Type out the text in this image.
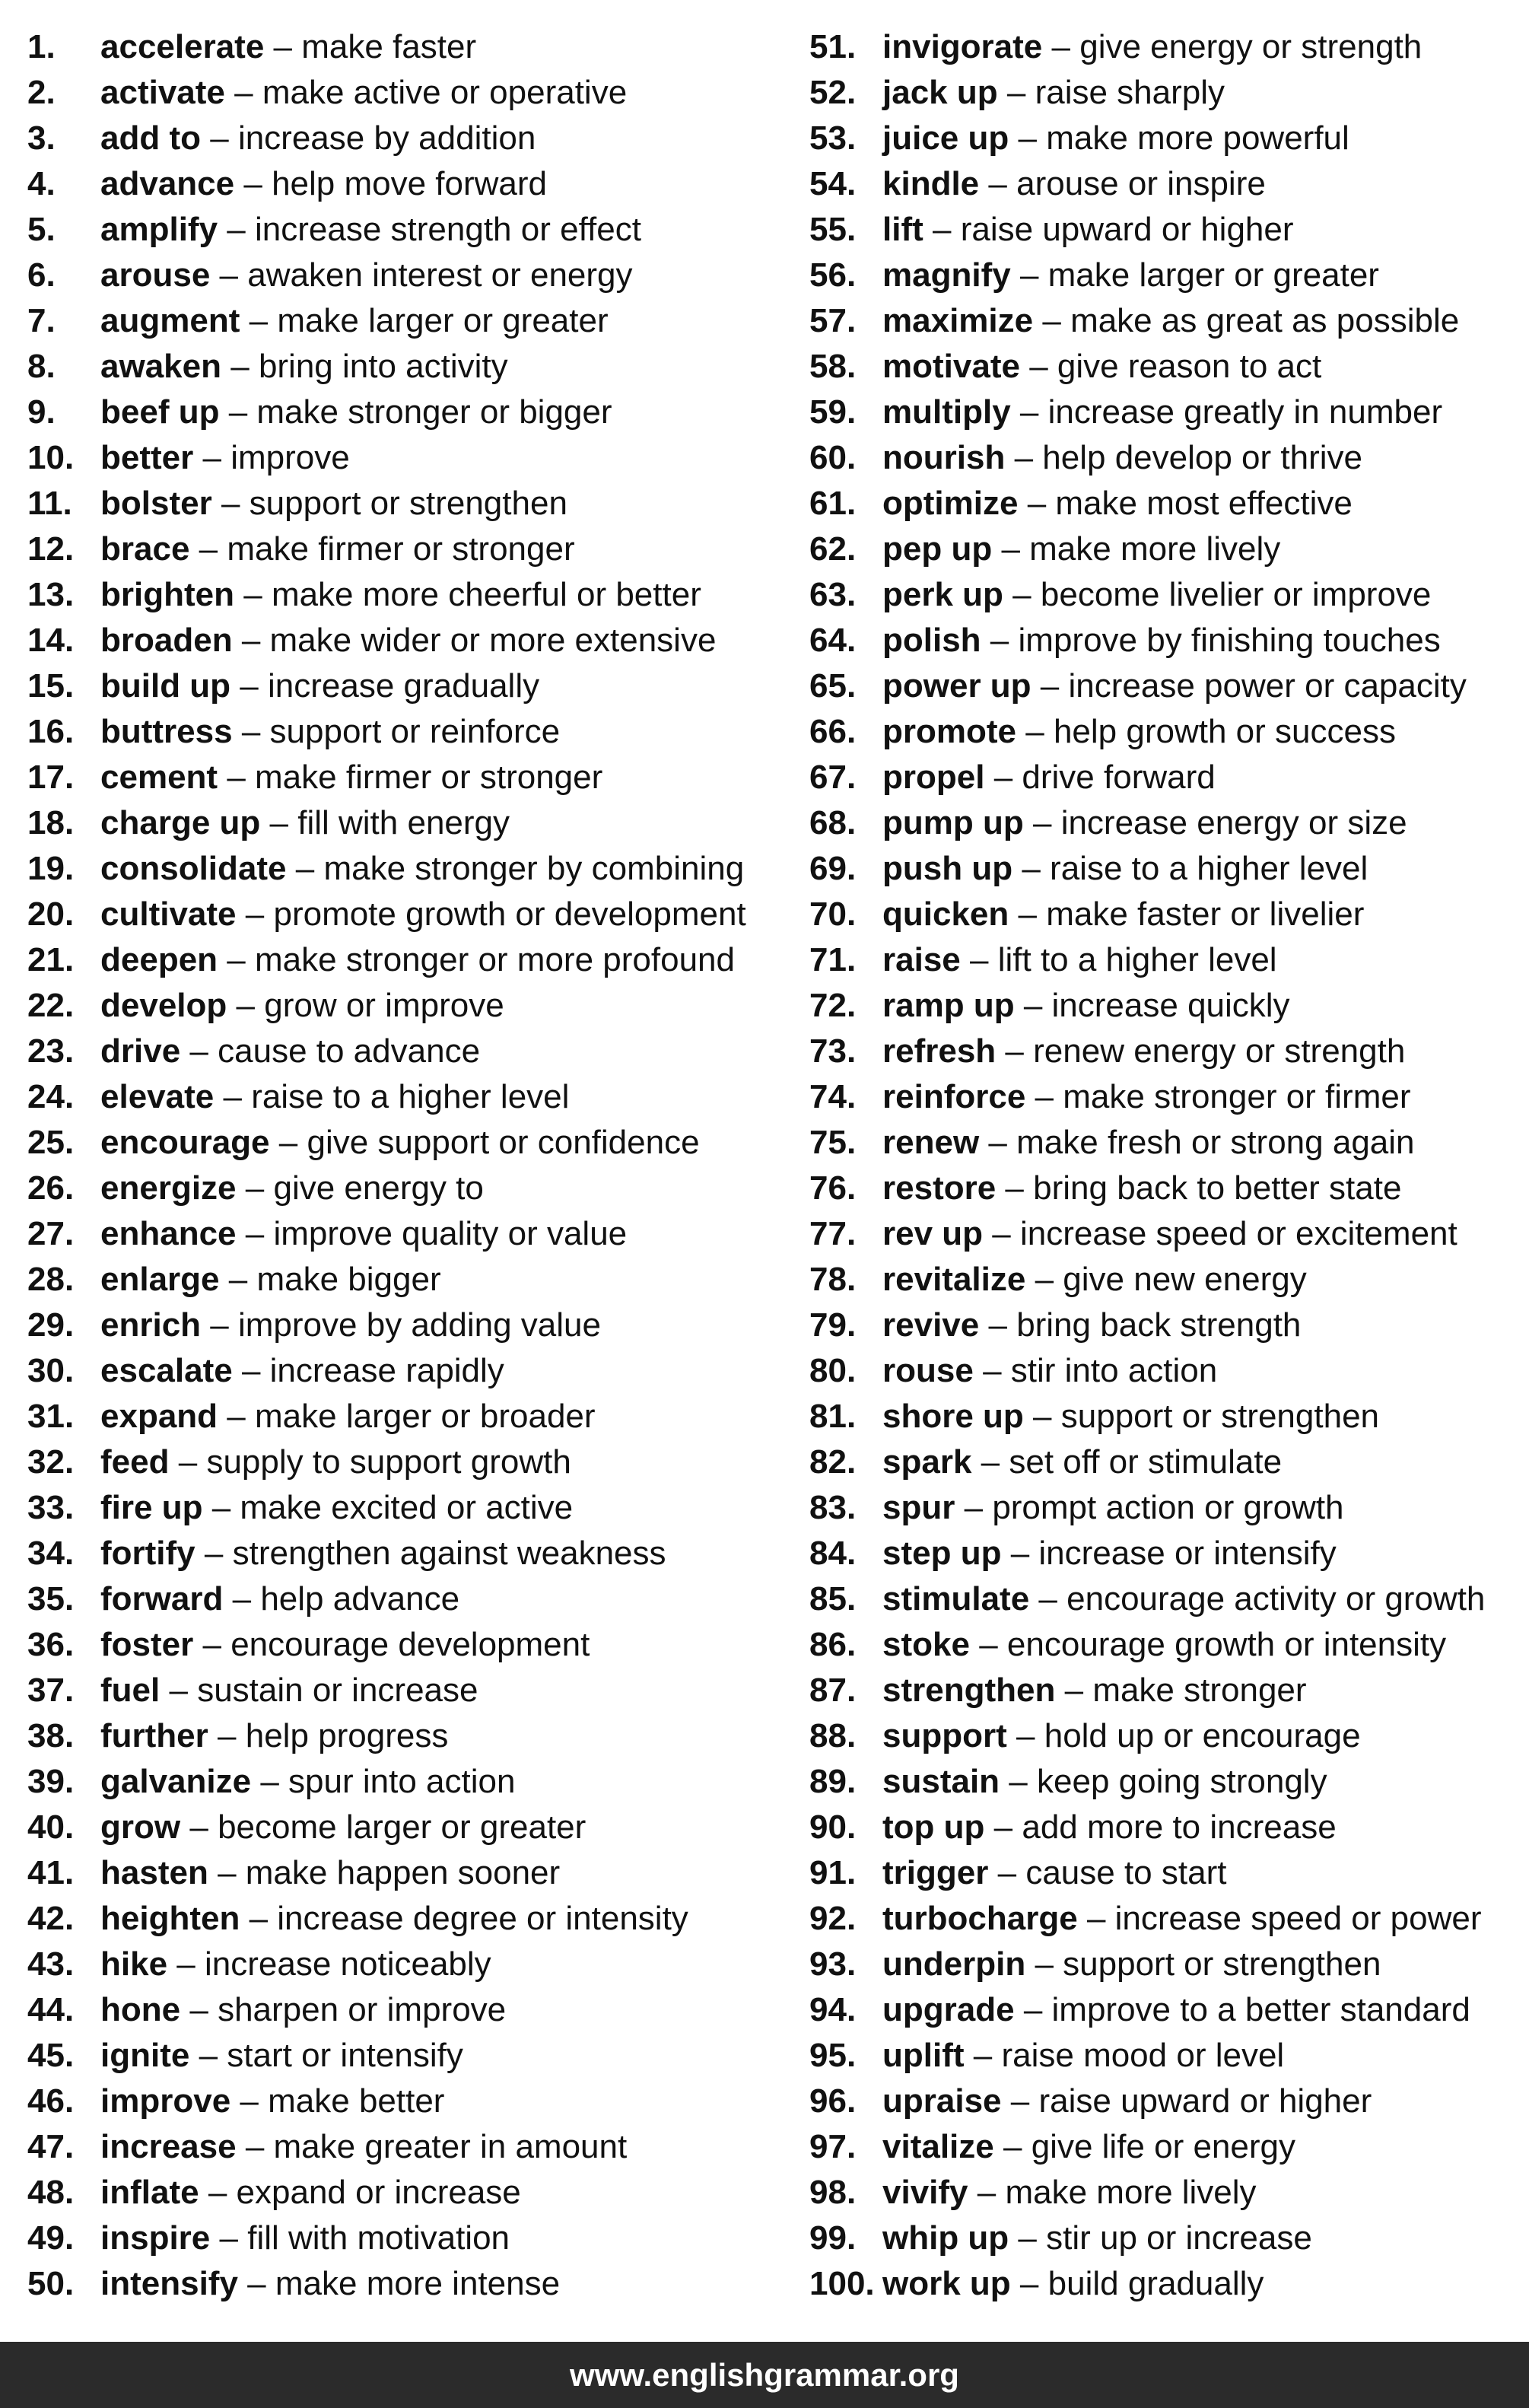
1. accelerate – make faster
2. activate – make active or operative
3. add to – increase by addition
4. advance – help move forward
5. amplify – increase strength or effect
6. arouse – awaken interest or energy
7. augment – make larger or greater
8. awaken – bring into activity
9. beef up – make stronger or bigger
10. better – improve
11. bolster – support or strengthen
12. brace – make firmer or stronger
13. brighten – make more cheerful or better
14. broaden – make wider or more extensive
15. build up – increase gradually
16. buttress – support or reinforce
17. cement – make firmer or stronger
18. charge up – fill with energy
19. consolidate – make stronger by combining
20. cultivate – promote growth or development
21. deepen – make stronger or more profound
22. develop – grow or improve
23. drive – cause to advance
24. elevate – raise to a higher level
25. encourage – give support or confidence
26. energize – give energy to
27. enhance – improve quality or value
28. enlarge – make bigger
29. enrich – improve by adding value
30. escalate – increase rapidly
31. expand – make larger or broader
32. feed – supply to support growth
33. fire up – make excited or active
34. fortify – strengthen against weakness
35. forward – help advance
36. foster – encourage development
37. fuel – sustain or increase
38. further – help progress
39. galvanize – spur into action
40. grow – become larger or greater
41. hasten – make happen sooner
42. heighten – increase degree or intensity
43. hike – increase noticeably
44. hone – sharpen or improve
45. ignite – start or intensify
46. improve – make better
47. increase – make greater in amount
48. inflate – expand or increase
49. inspire – fill with motivation
50. intensify – make more intense
51. invigorate – give energy or strength
52. jack up – raise sharply
53. juice up – make more powerful
54. kindle – arouse or inspire
55. lift – raise upward or higher
56. magnify – make larger or greater
57. maximize – make as great as possible
58. motivate – give reason to act
59. multiply – increase greatly in number
60. nourish – help develop or thrive
61. optimize – make most effective
62. pep up – make more lively
63. perk up – become livelier or improve
64. polish – improve by finishing touches
65. power up – increase power or capacity
66. promote – help growth or success
67. propel – drive forward
68. pump up – increase energy or size
69. push up – raise to a higher level
70. quicken – make faster or livelier
71. raise – lift to a higher level
72. ramp up – increase quickly
73. refresh – renew energy or strength
74. reinforce – make stronger or firmer
75. renew – make fresh or strong again
76. restore – bring back to better state
77. rev up – increase speed or excitement
78. revitalize – give new energy
79. revive – bring back strength
80. rouse – stir into action
81. shore up – support or strengthen
82. spark – set off or stimulate
83. spur – prompt action or growth
84. step up – increase or intensify
85. stimulate – encourage activity or growth
86. stoke – encourage growth or intensity
87. strengthen – make stronger
88. support – hold up or encourage
89. sustain – keep going strongly
90. top up – add more to increase
91. trigger – cause to start
92. turbocharge – increase speed or power
93. underpin – support or strengthen
94. upgrade – improve to a better standard
95. uplift – raise mood or level
96. upraise – raise upward or higher
97. vitalize – give life or energy
98. vivify – make more lively
99. whip up – stir up or increase
100. work up – build gradually
www.englishgrammar.org
